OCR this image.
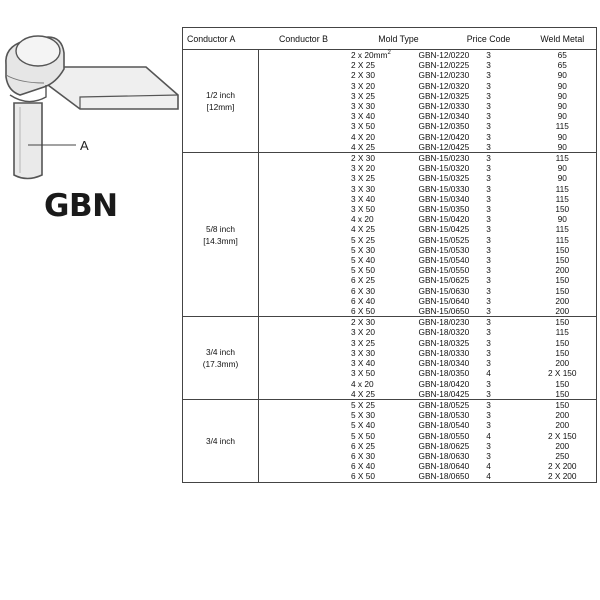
A
GBN
Conductor A	Conductor B	Mold Type	Price Code	Weld Metal

1/2 inch
[12mm]	2 x $20mm^2$	GBN-12/0220	3	65
	2 X 25	GBN-12/0225	3	65
	2 X 30	GBN-12/0230	3	90
	3 X 20	GBN-12/0320	3	90
	3 X 25	GBN-12/0325	3	90
	3 X 30	GBN-12/0330	3	90
	3 X 40	GBN-12/0340	3	90
	3 X 50	GBN-12/0350	3	115
	4 X 20	GBN-12/0420	3	90
	4 X 25	GBN-12/0425	3	90

5/8 inch
[14.3mm]	2 X 30	GBN-15/0230	3	115
	3 X 20	GBN-15/0320	3	90
	3 X 25	GBN-15/0325	3	90
	3 X 30	GBN-15/0330	3	115
	3 X 40	GBN-15/0340	3	115
	3 X 50	GBN-15/0350	3	150
	4 x 20	GBN-15/0420	3	90
	4 X 25	GBN-15/0425	3	115
	5 X 25	GBN-15/0525	3	115
	5 X 30	GBN-15/0530	3	150
	5 X 40	GBN-15/0540	3	150
	5 X 50	GBN-15/0550	3	200
	6 X 25	GBN-15/0625	3	150
	6 X 30	GBN-15/0630	3	150
	6 X 40	GBN-15/0640	3	200
	6 X 50	GBN-15/0650	3	200

3/4 inch
(17.3mm)	2 X 30	GBN-18/0230	3	150
	3 X 20	GBN-18/0320	3	115
	3 X 25	GBN-18/0325	3	150
	3 X 30	GBN-18/0330	3	150
	3 X 40	GBN-18/0340	3	200
	3 X 50	GBN-18/0350	4	2 X 150
	4 x 20	GBN-18/0420	3	150
	4 X 25	GBN-18/0425	3	150

3/4 inch	5 X 25	GBN-18/0525	3	150
	5 X 30	GBN-18/0530	3	200
	5 X 40	GBN-18/0540	3	200
	5 X 50	GBN-18/0550	4	2 X 150
	6 X 25	GBN-18/0625	3	200
	6 X 30	GBN-18/0630	3	250
	6 X 40	GBN-18/0640	4	2 X 200
	6 X 50	GBN-18/0650	4	2 X 200
